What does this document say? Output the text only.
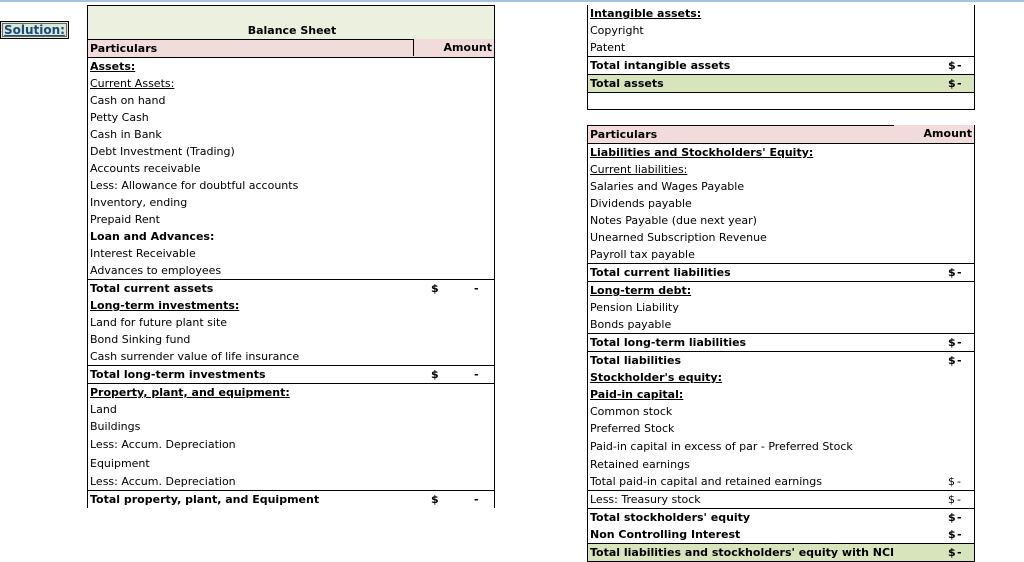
Solution:	Balance Sheet
Particulars	Amount
Assets:
Current Assets:
Cash on hand
Petty Cash
Cash in Bank
Debt Investment (Trading)
Accounts receivable
Less: Allowance for doubtful accounts
Inventory, ending
Prepaid Rent
Loan and Advances:
Interest Receivable
Advances to employees
Total current assets	$	-
Long-term investments:
Land for future plant site
Bond Sinking fund
Cash surrender value of life insurance
Total long-term investments	$	-
Property, plant, and equipment:
Land
Buildings
Less: Accum. Depreciation
Equipment
Less: Accum. Depreciation
Total property, plant, and Equipment	$	-
Intangible assets:
Copyright
Patent
Total intangible assets	$ -
Total assets	$ -
Particulars	Amount
Liabilities and Stockholders' Equity:
Current liabilities:
Salaries and Wages Payable
Dividends payable
Notes Payable (due next year)
Unearned Subscription Revenue
Payroll tax payable
Total current liabilities	$ -
Long-term debt:
Pension Liability
Bonds payable
Total long-term liabilities	$ -
Total liabilities	$ -
Stockholder's equity:
Paid-in capital:
Common stock
Preferred Stock
Paid-in capital in excess of par - Preferred Stock
Retained earnings
Total paid-in capital and retained earnings	$ -
Less: Treasury stock	$ -
Total stockholders' equity	$ -
Non Controlling Interest	$ -
Total liabilities and stockholders' equity with NCI	$ -
